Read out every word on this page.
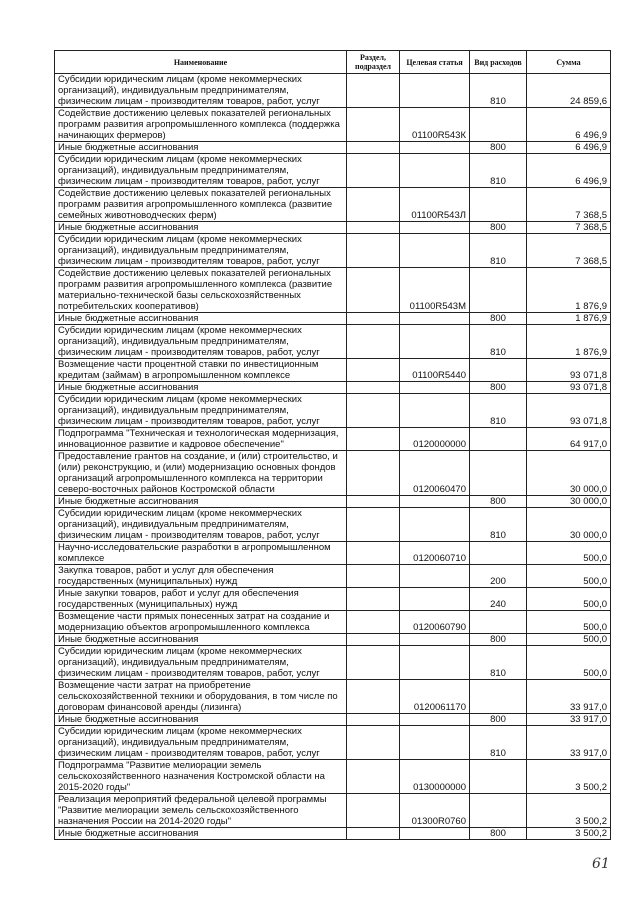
Наименование	Раздел, подраздел	Целевая статья	Вид расходов	Сумма
Субсидии юридическим лицам (кроме некоммерческих организаций), индивидуальным предпринимателям, физическим лицам - производителям товаров, работ, услуг			810	24 859,6
Содействие достижению целевых показателей региональных программ развития агропромышленного комплекса (поддержка начинающих фермеров)		01100R543К		6 496,9
Иные бюджетные ассигнования			800	6 496,9
Субсидии юридическим лицам (кроме некоммерческих организаций), индивидуальным предпринимателям, физическим лицам - производителям товаров, работ, услуг			810	6 496,9
Содействие достижению целевых показателей региональных программ развития агропромышленного комплекса (развитие семейных животноводческих ферм)		01100R543Л		7 368,5
Иные бюджетные ассигнования			800	7 368,5
Субсидии юридическим лицам (кроме некоммерческих организаций), индивидуальным предпринимателям, физическим лицам - производителям товаров, работ, услуг			810	7 368,5
Содействие достижению целевых показателей региональных программ развития агропромышленного комплекса (развитие материально-технической базы сельскохозяйственных потребительских кооперативов)		01100R543М		1 876,9
Иные бюджетные ассигнования			800	1 876,9
Субсидии юридическим лицам (кроме некоммерческих организаций), индивидуальным предпринимателям, физическим лицам - производителям товаров, работ, услуг			810	1 876,9
Возмещение части процентной ставки по инвестиционным кредитам (займам) в агропромышленном комплексе		01100R5440		93 071,8
Иные бюджетные ассигнования			800	93 071,8
Субсидии юридическим лицам (кроме некоммерческих организаций), индивидуальным предпринимателям, физическим лицам - производителям товаров, работ, услуг			810	93 071,8
Подпрограмма "Техническая и технологическая модернизация, инновационное развитие и кадровое обеспечение"		0120000000		64 917,0
Предоставление грантов на создание, и (или) строительство, и (или) реконструкцию, и (или) модернизацию основных фондов организаций агропромышленного комплекса на территории северо-восточных районов Костромской области		0120060470		30 000,0
Иные бюджетные ассигнования			800	30 000,0
Субсидии юридическим лицам (кроме некоммерческих организаций), индивидуальным предпринимателям, физическим лицам - производителям товаров, работ, услуг			810	30 000,0
Научно-исследовательские разработки в агропромышленном комплексе		0120060710		500,0
Закупка товаров, работ и услуг для обеспечения государственных (муниципальных) нужд			200	500,0
Иные закупки товаров, работ и услуг для обеспечения государственных (муниципальных) нужд			240	500,0
Возмещение части прямых понесенных затрат на создание и модернизацию объектов агропромышленного комплекса		0120060790		500,0
Иные бюджетные ассигнования			800	500,0
Субсидии юридическим лицам (кроме некоммерческих организаций), индивидуальным предпринимателям, физическим лицам - производителям товаров, работ, услуг			810	500,0
Возмещение части затрат на приобретение сельскохозяйственной техники и оборудования, в том числе по договорам финансовой аренды (лизинга)		0120061170		33 917,0
Иные бюджетные ассигнования			800	33 917,0
Субсидии юридическим лицам (кроме некоммерческих организаций), индивидуальным предпринимателям, физическим лицам - производителям товаров, работ, услуг			810	33 917,0
Подпрограмма "Развитие мелиорации земель сельскохозяйственного назначения Костромской области на 2015-2020 годы"		0130000000		3 500,2
Реализация мероприятий федеральной целевой программы "Развитие мелиорации земель сельскохозяйственного назначения России на 2014-2020 годы"		01300R0760		3 500,2
Иные бюджетные ассигнования			800	3 500,2
61
